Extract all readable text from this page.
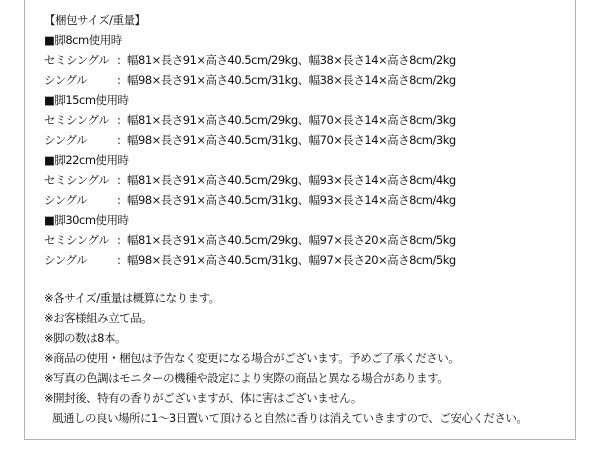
【梱包サイズ/重量】
■脚8cm使用時
セミシングル : 幅81×長さ91×高さ40.5cm/29kg、幅38×長さ14×高さ8cm/2kg
シングル	: 幅98×長さ91×高さ40.5cm/31kg、幅38×長さ14×高さ8cm/2kg
■脚15cm使用時
セミシングル : 幅81×長さ91×高さ40.5cm/29kg、幅70×長さ14×高さ8cm/3kg
シングル	: 幅98×長さ91×高さ40.5cm/31kg、幅70×長さ14×高さ8cm/3kg
■脚22cm使用時
セミシングル : 幅81×長さ91×高さ40.5cm/29kg、幅93×長さ14×高さ8cm/4kg
シングル	: 幅98×長さ91×高さ40.5cm/31kg、幅93×長さ14×高さ8cm/4kg
■脚30cm使用時
セミシングル : 幅81×長さ91×高さ40.5cm/29kg、幅97×長さ20×高さ8cm/5kg
シングル	: 幅98×長さ91×高さ40.5cm/31kg、幅97×長さ20×高さ8cm/5kg
※各サイズ/重量は概算になります。
※お客様組み立て品。
※脚の数は8本。
※商品の使用・梱包は予告なく変更になる場合がございます。予めご了承ください。
※写真の色調はモニターの機種や設定により実際の商品と異なる場合があります。
※開封後、特有の香りがございますが、体に害はございません。
風通しの良い場所に1～3日置いて頂けると自然に香りは消えていきますので、ご安心ください。
